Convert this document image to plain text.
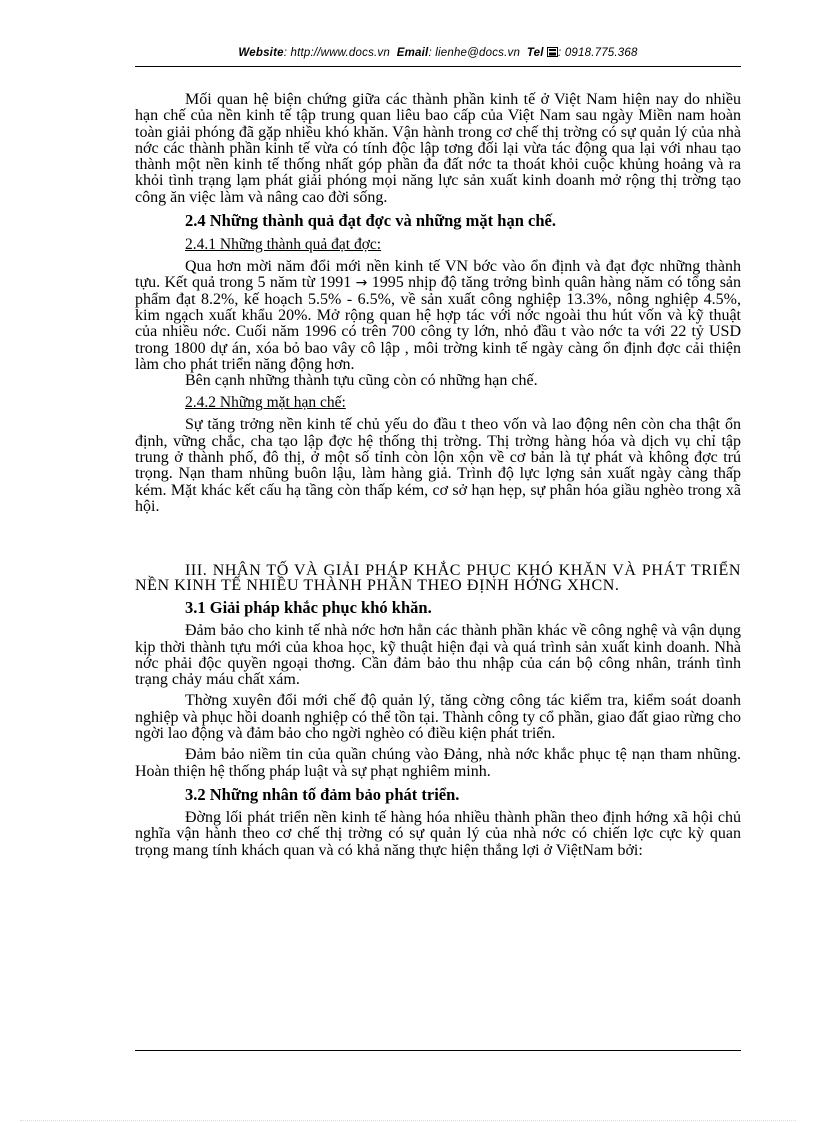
Website: http://www.docs.vn Email: lienhe@docs.vn Tel : 0918.775.368

Mối quan hệ biện chứng giữa các thành phần kinh tế ở Việt Nam hiện nay do nhiều hạn chế của nền kinh tế tập trung quan liêu bao cấp của Việt Nam sau ngày Miền nam hoàn toàn giải phóng đã gặp nhiều khó khăn. Vận hành trong cơ chế thị trờng có sự quản lý của nhà nớc các thành phần kinh tế vừa có tính độc lập tơng đối lại vừa tác động qua lại với nhau tạo thành một nền kinh tế thống nhất góp phần đa đất nớc ta thoát khỏi cuộc khủng hoảng và ra khỏi tình trạng lạm phát giải phóng mọi năng lực sản xuất kinh doanh mở rộng thị trờng tạo công ăn việc làm và nâng cao đời sống.

2.4 Những thành quả đạt đợc và những mặt hạn chế.
2.4.1 Những thành quả đạt đợc:

Qua hơn mời năm đổi mới nền kinh tế VN bớc vào ổn định và đạt đợc những thành tựu. Kết quả trong 5 năm từ 1991 → 1995 nhịp độ tăng trởng bình quân hàng năm có tổng sản phẩm đạt 8.2%, kế hoạch 5.5% - 6.5%, về sản xuất công nghiệp 13.3%, nông nghiệp 4.5%, kim ngạch xuất khẩu 20%. Mở rộng quan hệ hợp tác với nớc ngoài thu hút vốn và kỹ thuật của nhiều nớc. Cuối năm 1996 có trên 700 công ty lớn, nhỏ đầu t vào nớc ta với 22 tỷ USD trong 1800 dự án, xóa bỏ bao vây cô lập , môi trờng kinh tế ngày càng ổn định đợc cải thiện làm cho phát triển năng động hơn.

Bên cạnh những thành tựu cũng còn có những hạn chế.

2.4.2 Những mặt hạn chế:

Sự tăng trởng nền kinh tế chủ yếu do đầu t theo vốn và lao động nên còn cha thật ổn định, vững chắc, cha tạo lập đợc hệ thống thị trờng. Thị trờng hàng hóa và dịch vụ chỉ tập trung ở thành phố, đô thị, ở một số tỉnh còn lộn xộn về cơ bản là tự phát và không đợc trú trọng. Nạn tham nhũng buôn lậu, làm hàng giả. Trình độ lực lợng sản xuất ngày càng thấp kém. Mặt khác kết cấu hạ tầng còn thấp kém, cơ sở hạn hẹp, sự phân hóa giầu nghèo trong xã hội.

III. NHÂN TỐ VÀ GIẢI PHÁP KHẮC PHỤC KHÓ KHĂN VÀ PHÁT TRIỂN NỀN KINH TẾ NHIỀU THÀNH PHẦN THEO ĐỊNH HỚNG XHCN.

3.1 Giải pháp khắc phục khó khăn.

Đảm bảo cho kinh tế nhà nớc hơn hẳn các thành phần khác về công nghệ và vận dụng kịp thời thành tựu mới của khoa học, kỹ thuật hiện đại và quá trình sản xuất kinh doanh. Nhà nớc phải độc quyền ngoại thơng. Cần đảm bảo thu nhập của cán bộ công nhân, tránh tình trạng chảy máu chất xám.

Thờng xuyên đổi mới chế độ quản lý, tăng cờng công tác kiểm tra, kiểm soát doanh nghiệp và phục hồi doanh nghiệp có thể tồn tại. Thành công ty cổ phần, giao đất giao rừng cho ngời lao động và đảm bảo cho ngời nghèo có điều kiện phát triển.

Đảm bảo niềm tin của quần chúng vào Đảng, nhà nớc khắc phục tệ nạn tham nhũng. Hoàn thiện hệ thống pháp luật và sự phạt nghiêm minh.

3.2 Những nhân tố đảm bảo phát triển.

Đờng lối phát triển nền kinh tế hàng hóa nhiều thành phần theo định hớng xã hội chủ nghĩa vận hành theo cơ chế thị trờng có sự quản lý của nhà nớc có chiến lợc cực kỳ quan trọng mang tính khách quan và có khả năng thực hiện thắng lợi ở ViệtNam bởi:
